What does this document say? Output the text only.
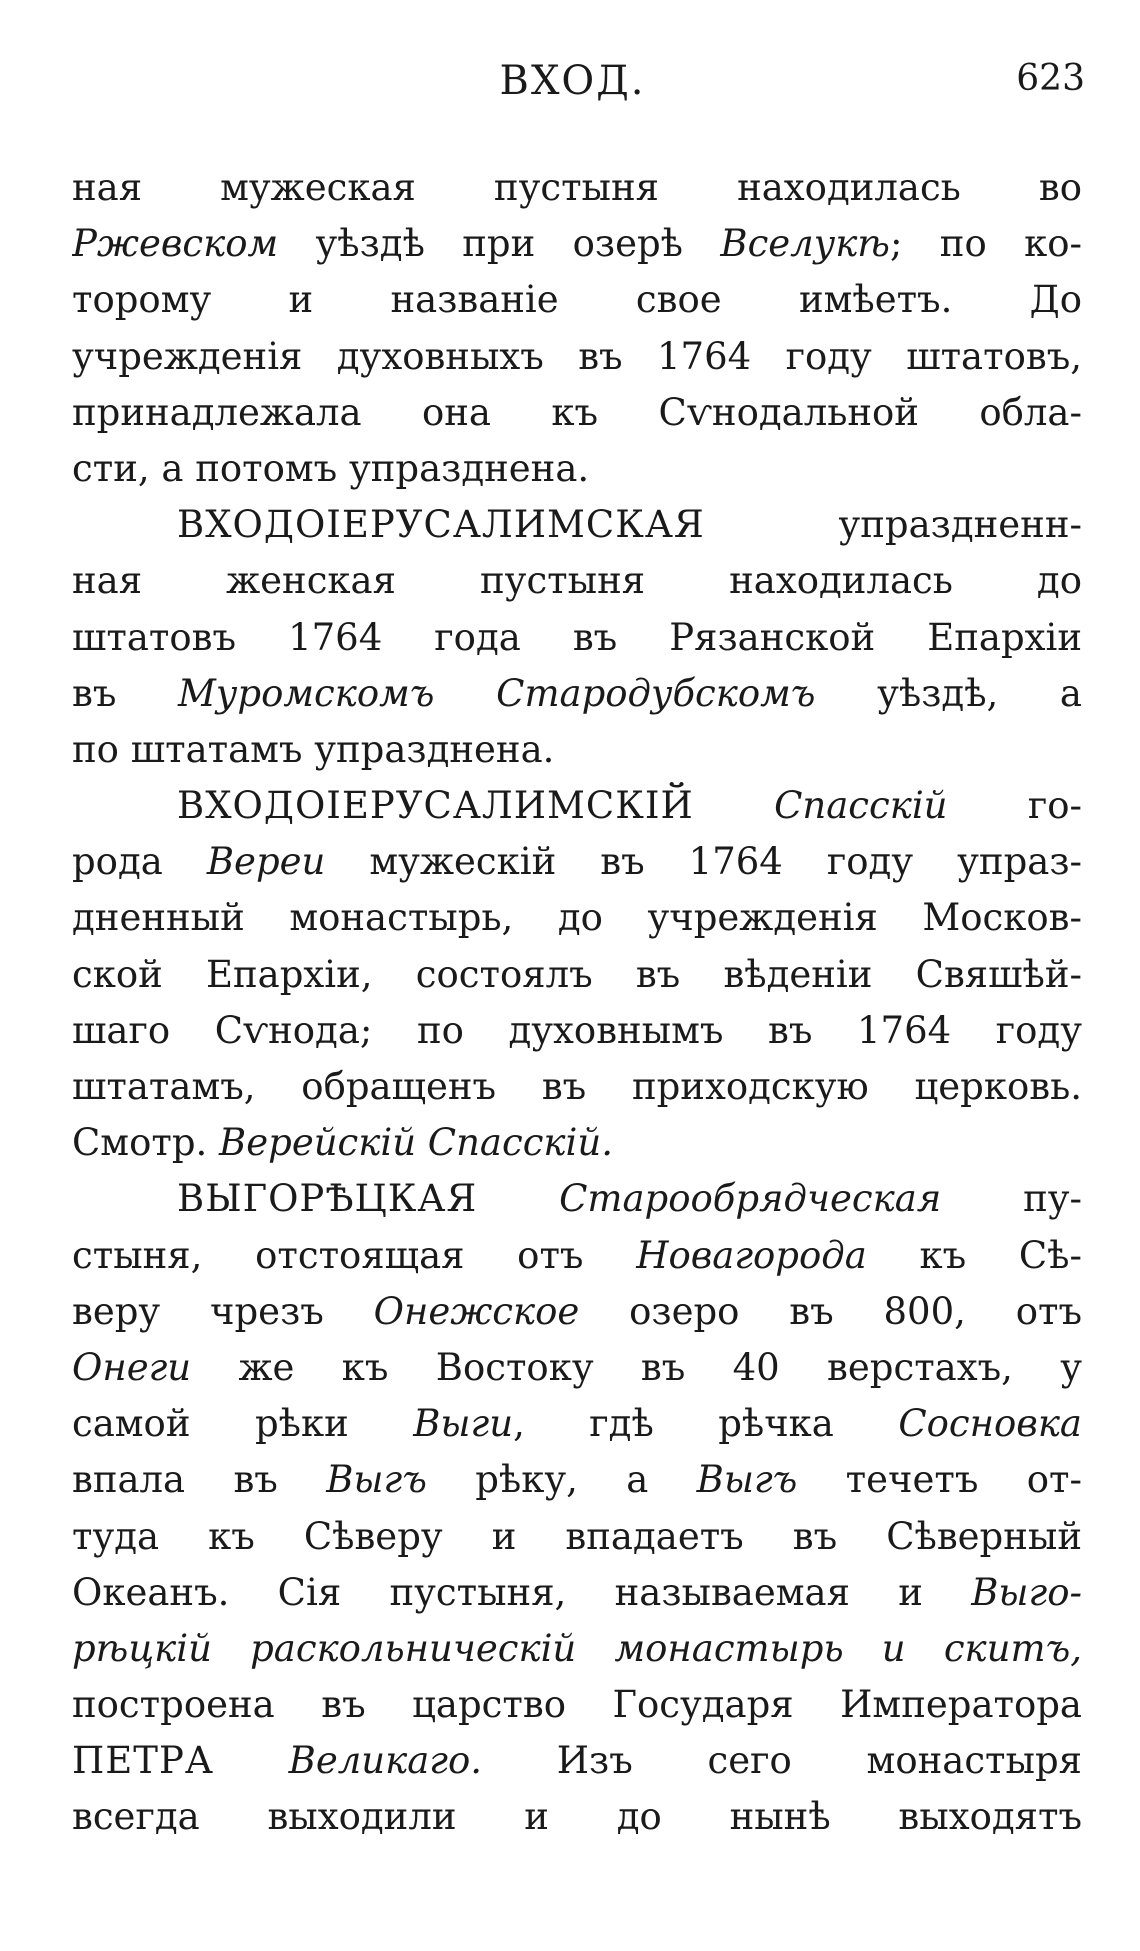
ВХОД.	623
ная мужеская пустыня находилась во
Ржевском уѣздѣ при озерѣ Вселукѣ; по ко-
торому и названіе свое имѣетъ. До
учрежденія духовныхъ въ 1764 году штатовъ,
принадлежала она къ Сѵнодальной обла-
сти, а потомъ упразднена.
ВХОДОІЕРУСАЛИМСКАЯ упраздненн-
ная женская пустыня находилась до
штатовъ 1764 года въ Рязанской Епархіи
въ Муромскомъ Стародубскомъ уѣздѣ, а
по штатамъ упразднена.
ВХОДОІЕРУСАЛИМСКІЙ Спасскій го-
рода Вереи мужескій въ 1764 году упраз-
дненный монастырь, до учрежденія Москов-
ской Епархіи, состоялъ въ вѣденіи Свяшѣй-
шаго Сѵнода; по духовнымъ въ 1764 году
штатамъ, обращенъ въ приходскую церковь.
Смотр. Верейскій Спасскій.
ВЫГОРѢЦКАЯ Старообрядческая пу-
стыня, отстоящая отъ Новагорода къ Сѣ-
веру чрезъ Онежское озеро въ 800, отъ
Онеги же къ Востоку въ 40 верстахъ, у
самой рѣки Выги, гдѣ рѣчка Сосновка
впала въ Выгъ рѣку, а Выгъ течетъ от-
туда къ Сѣверу и впадаетъ въ Сѣверный
Океанъ. Сія пустыня, называемая и Выго-
рѣцкій раскольническій монастырь и скитъ,
построена въ царство Государя Императора
ПЕТРА Великаго. Изъ сего монастыря
всегда выходили и до нынѣ выходятъ
